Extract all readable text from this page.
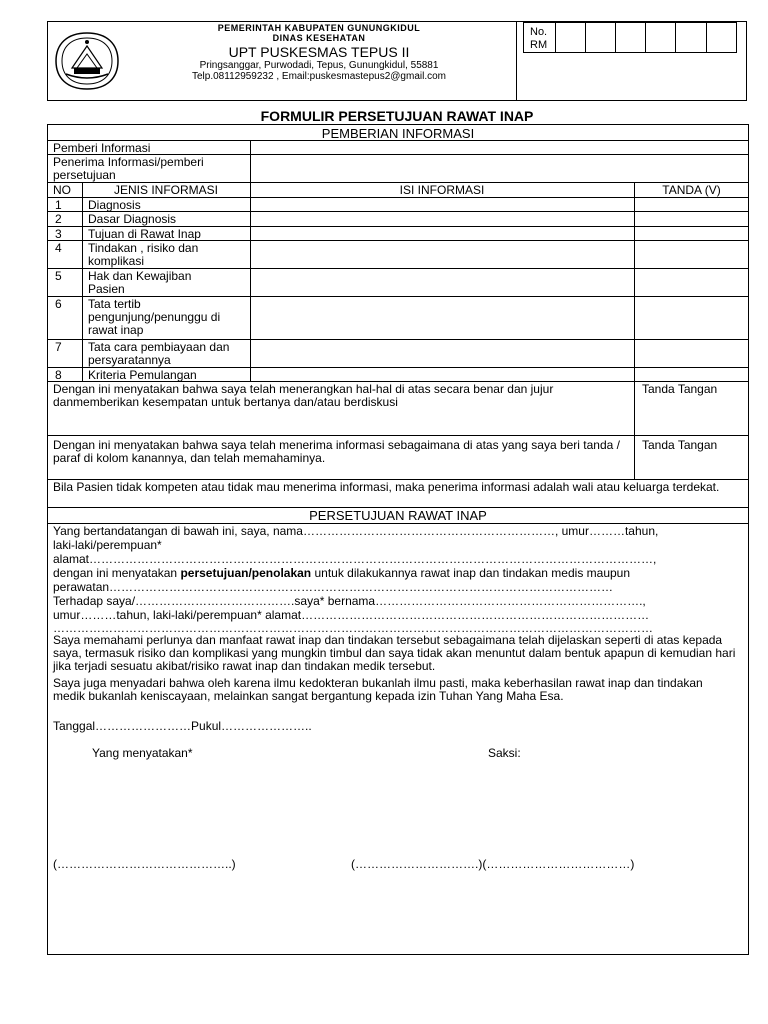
PEMERINTAH KABUPATEN GUNUNGKIDUL
DINAS KESEHATAN
UPT PUSKESMAS TEPUS II
Pringsanggar, Purwodadi, Tepus, Gunungkidul, 55881
Telp.08112959232 , Email:puskesmastepus2@gmail.com
No.
RM
FORMULIR PERSETUJUAN RAWAT INAP
PEMBERIAN INFORMASI
Pemberi Informasi
Penerima Informasi/pemberi persetujuan
NO	JENIS INFORMASI	ISI INFORMASI	TANDA (V)
1 Diagnosis
2 Dasar Diagnosis
3 Tujuan di Rawat Inap
4 Tindakan , risiko dan komplikasi
5 Hak dan Kewajiban Pasien
6 Tata tertib pengunjung/penunggu di rawat inap
7 Tata cara pembiayaan dan persyaratannya
8 Kriteria Pemulangan
Dengan ini menyatakan bahwa saya telah menerangkan hal-hal di atas secara benar dan jujur danmemberikan kesempatan untuk bertanya dan/atau berdiskusi
Tanda Tangan
Dengan ini menyatakan bahwa saya telah menerima informasi sebagaimana di atas yang saya beri tanda / paraf di kolom kanannya, dan telah memahaminya.
Tanda Tangan
Bila Pasien tidak kompeten atau tidak mau menerima informasi, maka penerima informasi adalah wali atau keluarga terdekat.
PERSETUJUAN RAWAT INAP
Yang bertandatangan di bawah ini, saya, nama………………………………………………………, umur………tahun,
laki-laki/perempuan*
alamat……………………………………………………………………………………………………………………………,
dengan ini menyatakan persetujuan/penolakan untuk dilakukannya rawat inap dan tindakan medis maupun
perawatan………………………………………………………………………………………………………………
Terhadap saya/………………………………….saya* bernama………………………………………………………….,
umur………tahun, laki-laki/perempuan* alamat……………………………………………………………………………
……………………………………………………………………………………………………………………………………
Saya memahami perlunya dan manfaat rawat inap dan tindakan tersebut sebagaimana telah dijelaskan seperti di atas kepada saya, termasuk risiko dan komplikasi yang mungkin timbul dan saya tidak akan menuntut dalam bentuk apapun di kemudian hari jika terjadi sesuatu akibat/risiko rawat inap dan tindakan medik tersebut.
Saya juga menyadari bahwa oleh karena ilmu kedokteran bukanlah ilmu pasti, maka keberhasilan rawat inap dan tindakan medik bukanlah keniscayaan, melainkan sangat bergantung kepada izin Tuhan Yang Maha Esa.
Tanggal……………………Pukul…………………..
Yang menyatakan*	Saksi:
(……………………………………..)	(………………………….)(………………………………)
